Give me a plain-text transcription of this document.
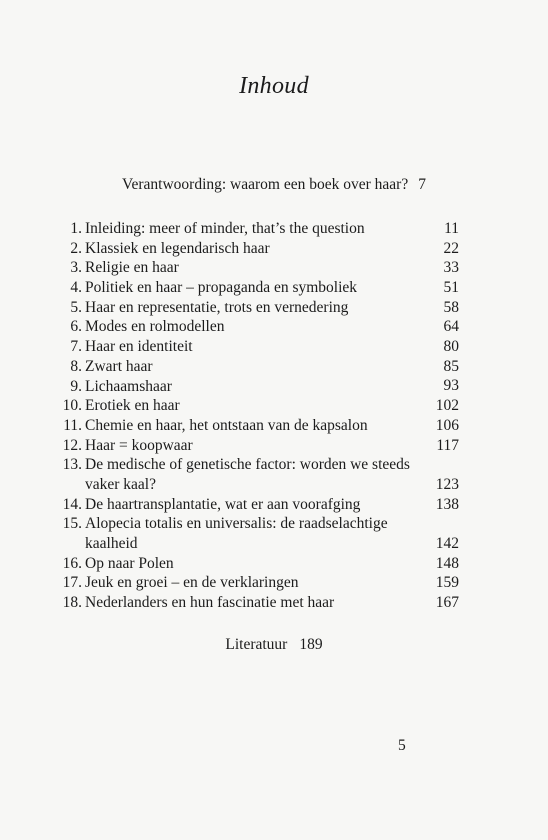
Inhoud
Verantwoording: waarom een boek over haar? 7
1. Inleiding: meer of minder, that’s the question	11
2. Klassiek en legendarisch haar	22
3. Religie en haar	33
4. Politiek en haar – propaganda en symboliek	51
5. Haar en representatie, trots en vernedering	58
6. Modes en rolmodellen	64
7. Haar en identiteit	80
8. Zwart haar	85
9. Lichaamshaar	93
10. Erotiek en haar	102
11. Chemie en haar, het ontstaan van de kapsalon	106
12. Haar = koopwaar	117
13. De medische of genetische factor: worden we steeds vaker kaal?	123
14. De haartransplantatie, wat er aan voorafging	138
15. Alopecia totalis en universalis: de raadselachtige kaalheid	142
16. Op naar Polen	148
17. Jeuk en groei – en de verklaringen	159
18. Nederlanders en hun fascinatie met haar	167
Literatuur 189
5
